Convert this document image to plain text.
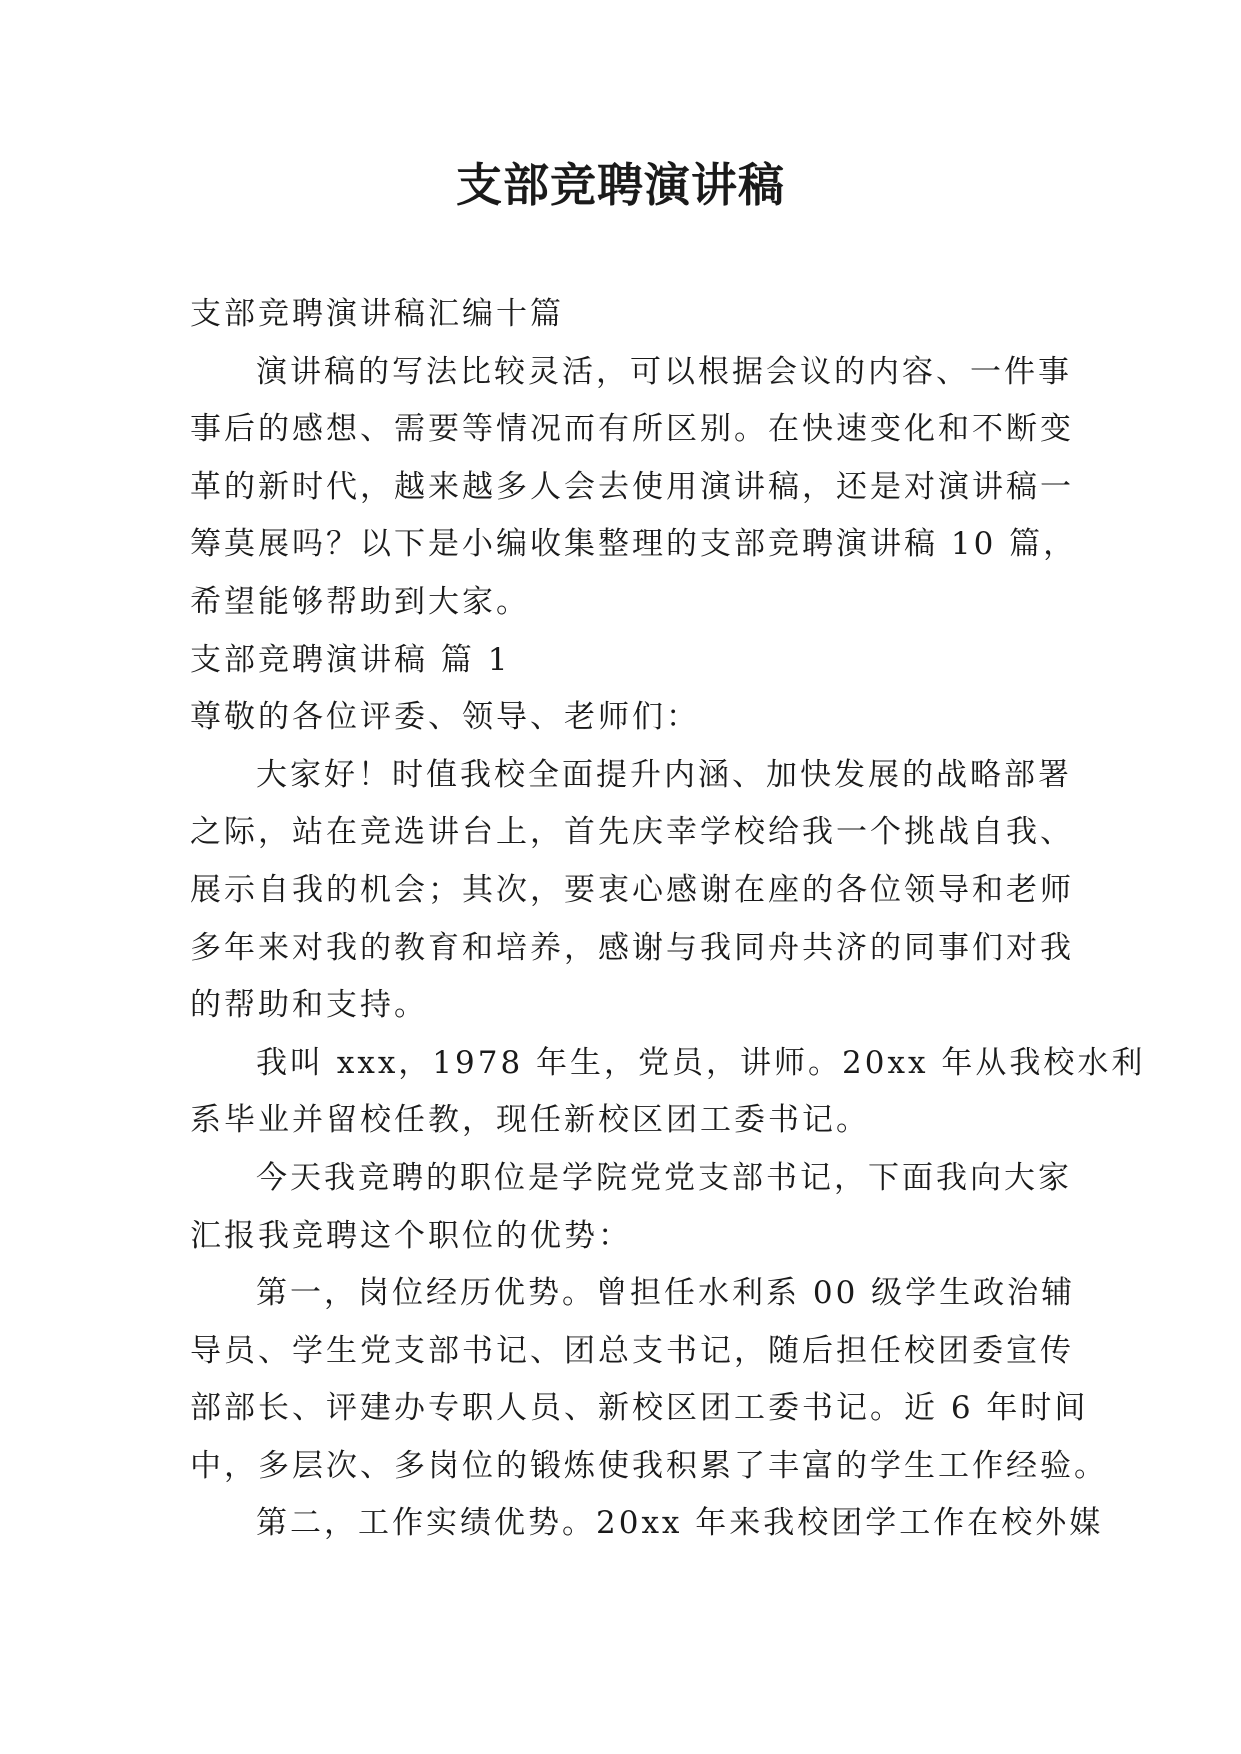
支部竞聘演讲稿
支部竞聘演讲稿汇编十篇
演讲稿的写法比较灵活，可以根据会议的内容、一件事
事后的感想、需要等情况而有所区别。在快速变化和不断变
革的新时代，越来越多人会去使用演讲稿，还是对演讲稿一
筹莫展吗？以下是小编收集整理的支部竞聘演讲稿 10 篇，
希望能够帮助到大家。
支部竞聘演讲稿 篇 1
尊敬的各位评委、领导、老师们：
大家好！时值我校全面提升内涵、加快发展的战略部署
之际，站在竞选讲台上，首先庆幸学校给我一个挑战自我、
展示自我的机会；其次，要衷心感谢在座的各位领导和老师
多年来对我的教育和培养，感谢与我同舟共济的同事们对我
的帮助和支持。
我叫 xxx，1978 年生，党员，讲师。20xx 年从我校水利
系毕业并留校任教，现任新校区团工委书记。
今天我竞聘的职位是学院党党支部书记，下面我向大家
汇报我竞聘这个职位的优势：
第一，岗位经历优势。曾担任水利系 00 级学生政治辅
导员、学生党支部书记、团总支书记，随后担任校团委宣传
部部长、评建办专职人员、新校区团工委书记。近 6 年时间
中，多层次、多岗位的锻炼使我积累了丰富的学生工作经验。
第二，工作实绩优势。20xx 年来我校团学工作在校外媒
